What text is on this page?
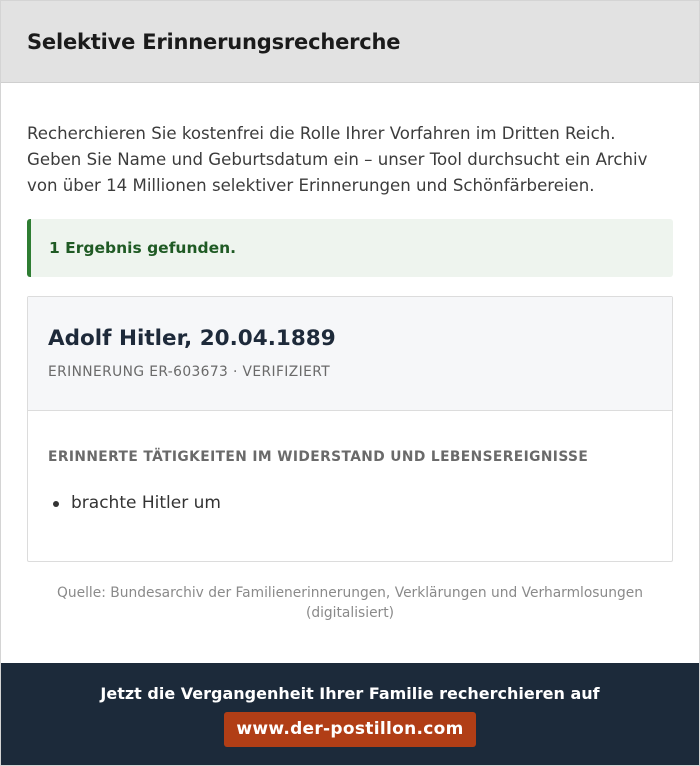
Selektive Erinnerungsrecherche

Recherchieren Sie kostenfrei die Rolle Ihrer Vorfahren im Dritten Reich. Geben Sie Name und Geburtsdatum ein – unser Tool durchsucht ein Archiv von über 14 Millionen selektiver Erinnerungen und Schönfärbereien.

1 Ergebnis gefunden.
Adolf Hitler, 20.04.1889
ERINNERUNG ER-603673 · VERIFIZIERT
ERINNERTE TÄTIGKEITEN IM WIDERSTAND UND LEBENSEREIGNISSE
brachte Hitler um
Quelle: Bundesarchiv der Familienerinnerungen, Verklärungen und Verharmlosungen (digitalisiert)
Jetzt die Vergangenheit Ihrer Familie recherchieren auf
www.der-postillon.com
